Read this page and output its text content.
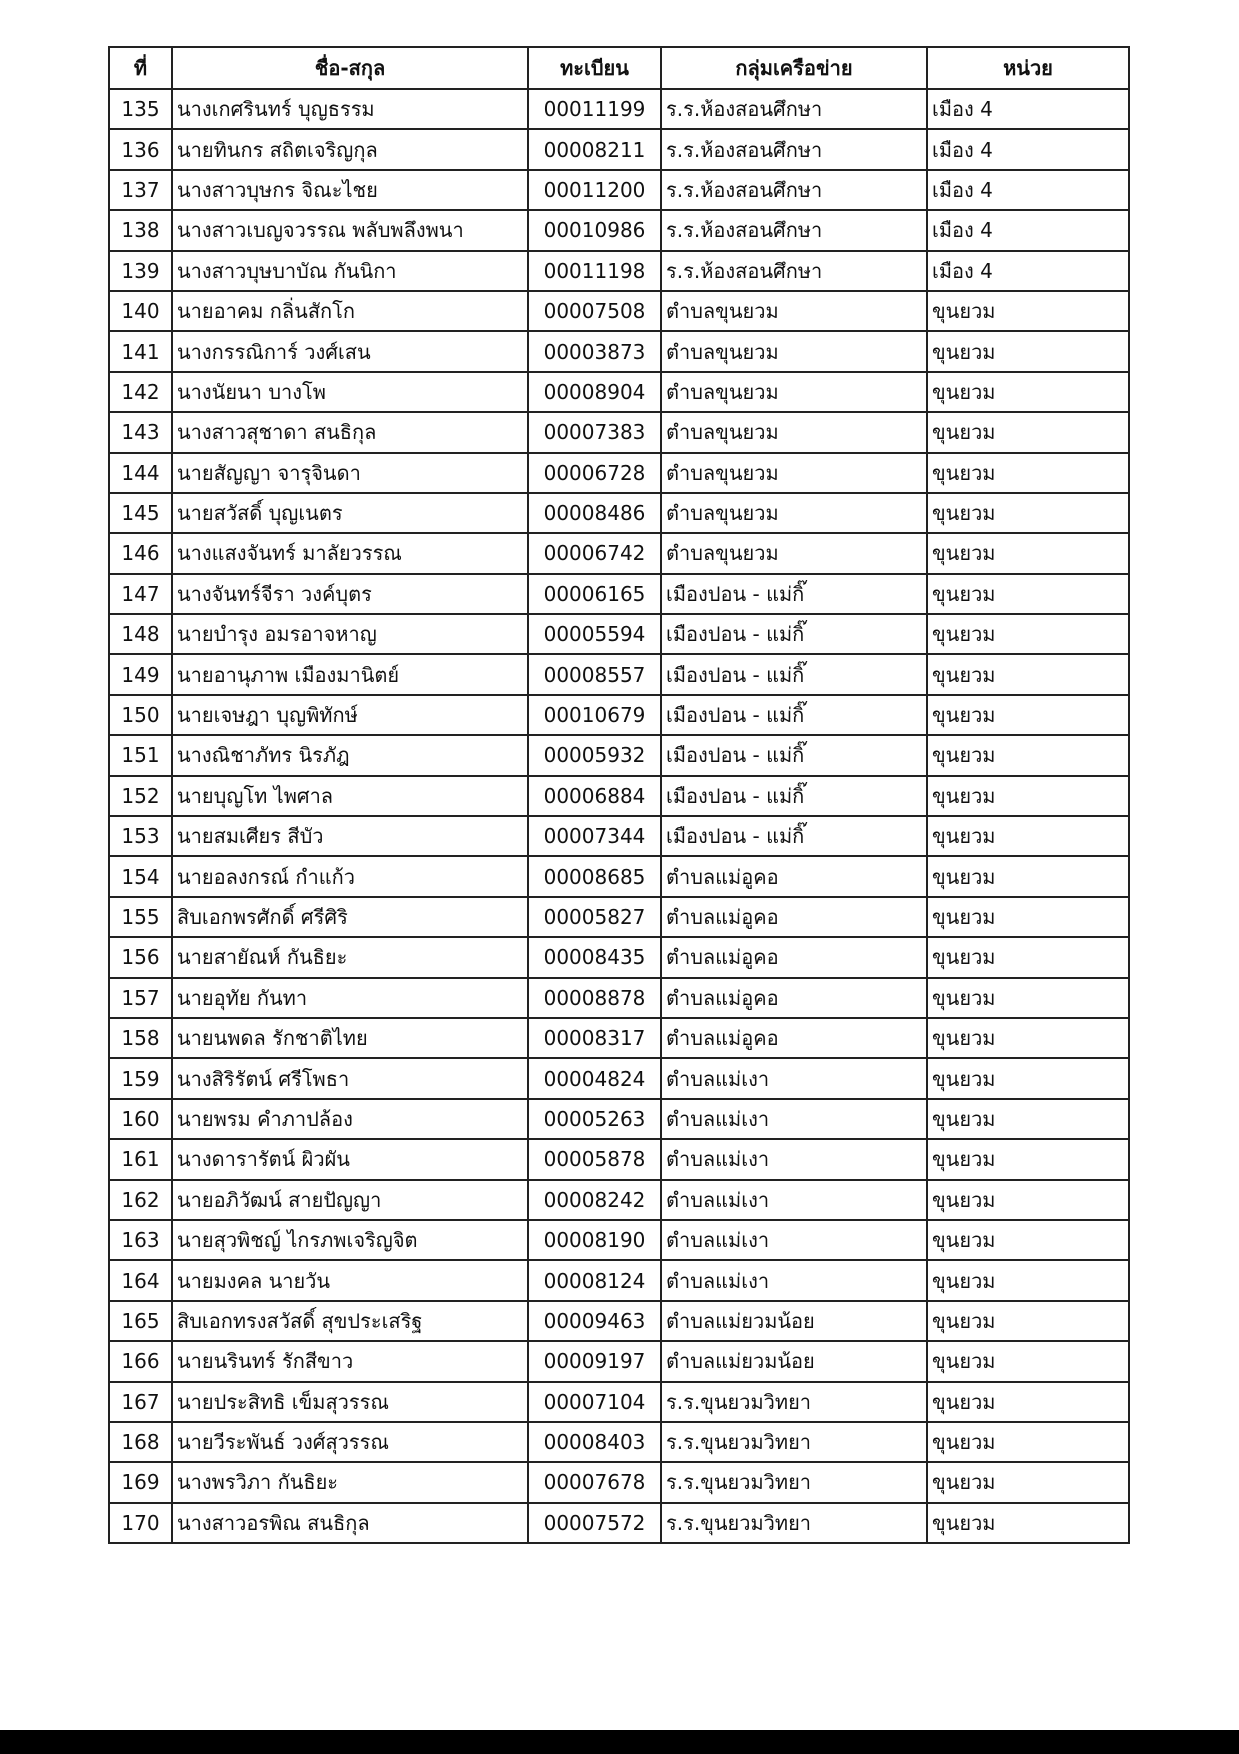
ที่	ชื่อ-สกุล	ทะเบียน	กลุ่มเครือข่าย	หน่วย
135	นางเกศรินทร์ บุญธรรม	00011199	ร.ร.ห้องสอนศึกษา	เมือง 4
136	นายทินกร สถิตเจริญกุล	00008211	ร.ร.ห้องสอนศึกษา	เมือง 4
137	นางสาวบุษกร จิณะไชย	00011200	ร.ร.ห้องสอนศึกษา	เมือง 4
138	นางสาวเบญจวรรณ พลับพลึงพนา	00010986	ร.ร.ห้องสอนศึกษา	เมือง 4
139	นางสาวบุษบาบัณ กันนิกา	00011198	ร.ร.ห้องสอนศึกษา	เมือง 4
140	นายอาคม กลิ่นสักโก	00007508	ตำบลขุนยวม	ขุนยวม
141	นางกรรณิการ์ วงศ์เสน	00003873	ตำบลขุนยวม	ขุนยวม
142	นางนัยนา บางโพ	00008904	ตำบลขุนยวม	ขุนยวม
143	นางสาวสุชาดา สนธิกุล	00007383	ตำบลขุนยวม	ขุนยวม
144	นายสัญญา จารุจินดา	00006728	ตำบลขุนยวม	ขุนยวม
145	นายสวัสดิ์ บุญเนตร	00008486	ตำบลขุนยวม	ขุนยวม
146	นางแสงจันทร์ มาลัยวรรณ	00006742	ตำบลขุนยวม	ขุนยวม
147	นางจันทร์จีรา วงค์บุตร	00006165	เมืองปอน - แม่กิ๊	ขุนยวม
148	นายบำรุง อมรอาจหาญ	00005594	เมืองปอน - แม่กิ๊	ขุนยวม
149	นายอานุภาพ เมืองมานิตย์	00008557	เมืองปอน - แม่กิ๊	ขุนยวม
150	นายเจษฎา บุญพิทักษ์	00010679	เมืองปอน - แม่กิ๊	ขุนยวม
151	นางณิชาภัทร นิรภัฎ	00005932	เมืองปอน - แม่กิ๊	ขุนยวม
152	นายบุญโท ไพศาล	00006884	เมืองปอน - แม่กิ๊	ขุนยวม
153	นายสมเศียร สีบัว	00007344	เมืองปอน - แม่กิ๊	ขุนยวม
154	นายอลงกรณ์ กำแก้ว	00008685	ตำบลแม่อูคอ	ขุนยวม
155	สิบเอกพรศักดิ์ ศรีศิริ	00005827	ตำบลแม่อูคอ	ขุนยวม
156	นายสายัณห์ กันธิยะ	00008435	ตำบลแม่อูคอ	ขุนยวม
157	นายอุทัย กันทา	00008878	ตำบลแม่อูคอ	ขุนยวม
158	นายนพดล รักชาติไทย	00008317	ตำบลแม่อูคอ	ขุนยวม
159	นางสิริรัตน์ ศรีโพธา	00004824	ตำบลแม่เงา	ขุนยวม
160	นายพรม คำภาปล้อง	00005263	ตำบลแม่เงา	ขุนยวม
161	นางดารารัตน์ ผิวผัน	00005878	ตำบลแม่เงา	ขุนยวม
162	นายอภิวัฒน์ สายปัญญา	00008242	ตำบลแม่เงา	ขุนยวม
163	นายสุวพิชญ์ ไกรภพเจริญจิต	00008190	ตำบลแม่เงา	ขุนยวม
164	นายมงคล นายวัน	00008124	ตำบลแม่เงา	ขุนยวม
165	สิบเอกทรงสวัสดิ์ สุขประเสริฐ	00009463	ตำบลแม่ยวมน้อย	ขุนยวม
166	นายนรินทร์ รักสีขาว	00009197	ตำบลแม่ยวมน้อย	ขุนยวม
167	นายประสิทธิ เข็มสุวรรณ	00007104	ร.ร.ขุนยวมวิทยา	ขุนยวม
168	นายวีระพันธ์ วงศ์สุวรรณ	00008403	ร.ร.ขุนยวมวิทยา	ขุนยวม
169	นางพรวิภา กันธิยะ	00007678	ร.ร.ขุนยวมวิทยา	ขุนยวม
170	นางสาวอรพิณ สนธิกุล	00007572	ร.ร.ขุนยวมวิทยา	ขุนยวม
